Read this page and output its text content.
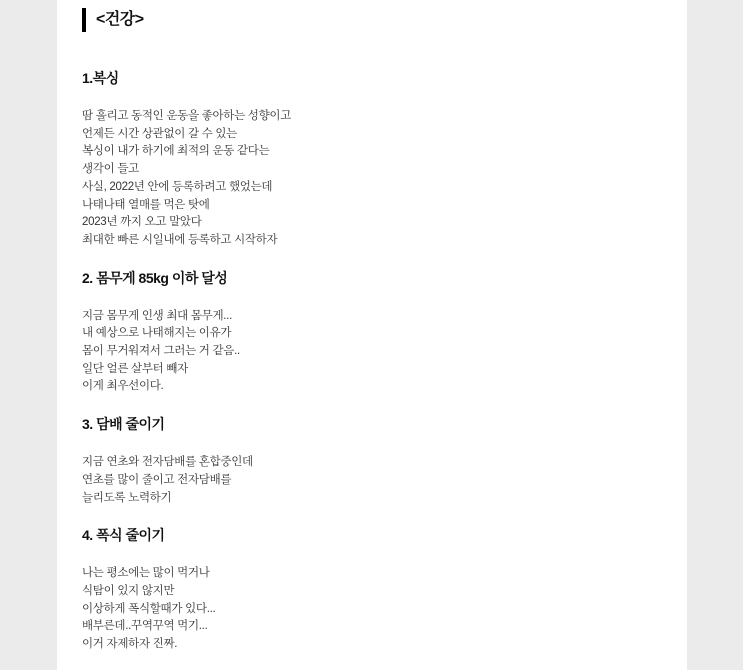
<건강>
1.복싱
땀 흘리고 동적인 운동을 좋아하는 성향이고
언제든 시간 상관없이 갈 수 있는
복싱이 내가 하기에 최적의 운동 같다는
생각이 들고
사실, 2022년 안에 등록하려고 했었는데
나태나태 열매를 먹은 탓에
2023년 까지 오고 말았다
최대한 빠른 시일내에 등록하고 시작하자
2. 몸무게 85kg 이하 달성
지금 몸무게 인생 최대 몸무게...
내 예상으로 나태해지는 이유가
몸이 무거워져서 그러는 거 같음..
일단 얼른 살부터 빼자
이게 최우선이다.
3. 담배 줄이기
지금 연초와 전자담배를 혼합중인데
연초를 많이 줄이고 전자담배를
늘리도록 노력하기
4. 폭식 줄이기
나는 평소에는 많이 먹거나
식탐이 있지 않지만
이상하게 폭식할때가 있다...
배부른데..꾸역꾸역 먹기...
이거 자제하자 진짜.
